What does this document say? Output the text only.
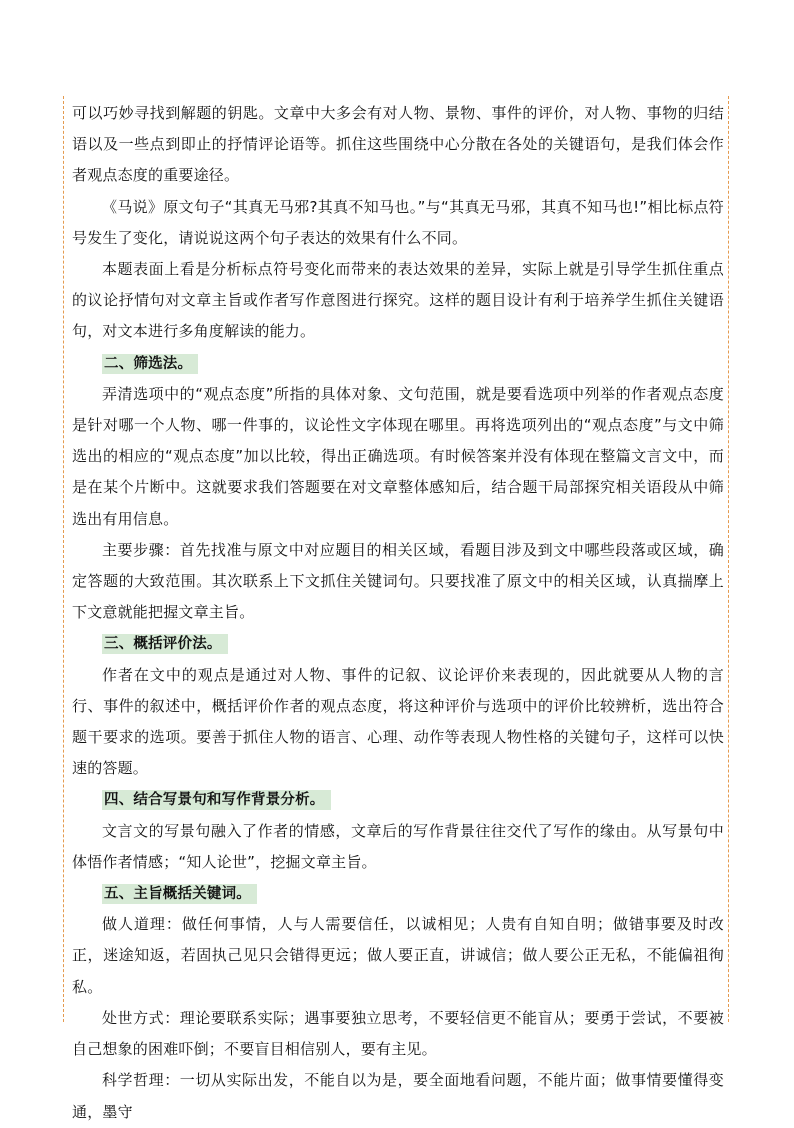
可以巧妙寻找到解题的钥匙。文章中大多会有对人物、景物、事件的评价，对人物、事物的归结语以及一些点到即止的抒情评论语等。抓住这些围绕中心分散在各处的关键语句，是我们体会作者观点态度的重要途径。

《马说》原文句子“其真无马邪?其真不知马也。”与“其真无马邪，其真不知马也!”相比标点符号发生了变化，请说说这两个句子表达的效果有什么不同。

本题表面上看是分析标点符号变化而带来的表达效果的差异，实际上就是引导学生抓住重点的议论抒情句对文章主旨或作者写作意图进行探究。这样的题目设计有利于培养学生抓住关键语句，对文本进行多角度解读的能力。

二、筛选法。

弄清选项中的“观点态度”所指的具体对象、文句范围，就是要看选项中列举的作者观点态度是针对哪一个人物、哪一件事的，议论性文字体现在哪里。再将选项列出的“观点态度”与文中筛选出的相应的“观点态度”加以比较，得出正确选项。有时候答案并没有体现在整篇文言文中，而是在某个片断中。这就要求我们答题要在对文章整体感知后，结合题干局部探究相关语段从中筛选出有用信息。

主要步骤：首先找准与原文中对应题目的相关区域，看题目涉及到文中哪些段落或区域，确定答题的大致范围。其次联系上下文抓住关键词句。只要找准了原文中的相关区域，认真揣摩上下文意就能把握文章主旨。

三、概括评价法。

作者在文中的观点是通过对人物、事件的记叙、议论评价来表现的，因此就要从人物的言行、事件的叙述中，概括评价作者的观点态度，将这种评价与选项中的评价比较辨析，选出符合题干要求的选项。要善于抓住人物的语言、心理、动作等表现人物性格的关键句子，这样可以快速的答题。

四、结合写景句和写作背景分析。

文言文的写景句融入了作者的情感，文章后的写作背景往往交代了写作的缘由。从写景句中体悟作者情感；“知人论世”，挖掘文章主旨。

五、主旨概括关键词。

做人道理：做任何事情，人与人需要信任，以诚相见；人贵有自知自明；做错事要及时改正，迷途知返，若固执己见只会错得更远；做人要正直，讲诚信；做人要公正无私，不能偏祖徇私。

处世方式：理论要联系实际；遇事要独立思考，不要轻信更不能盲从；要勇于尝试，不要被自己想象的困难吓倒；不要盲目相信别人，要有主见。

科学哲理：一切从实际出发，不能自以为是，要全面地看问题，不能片面；做事情要懂得变通，墨守
